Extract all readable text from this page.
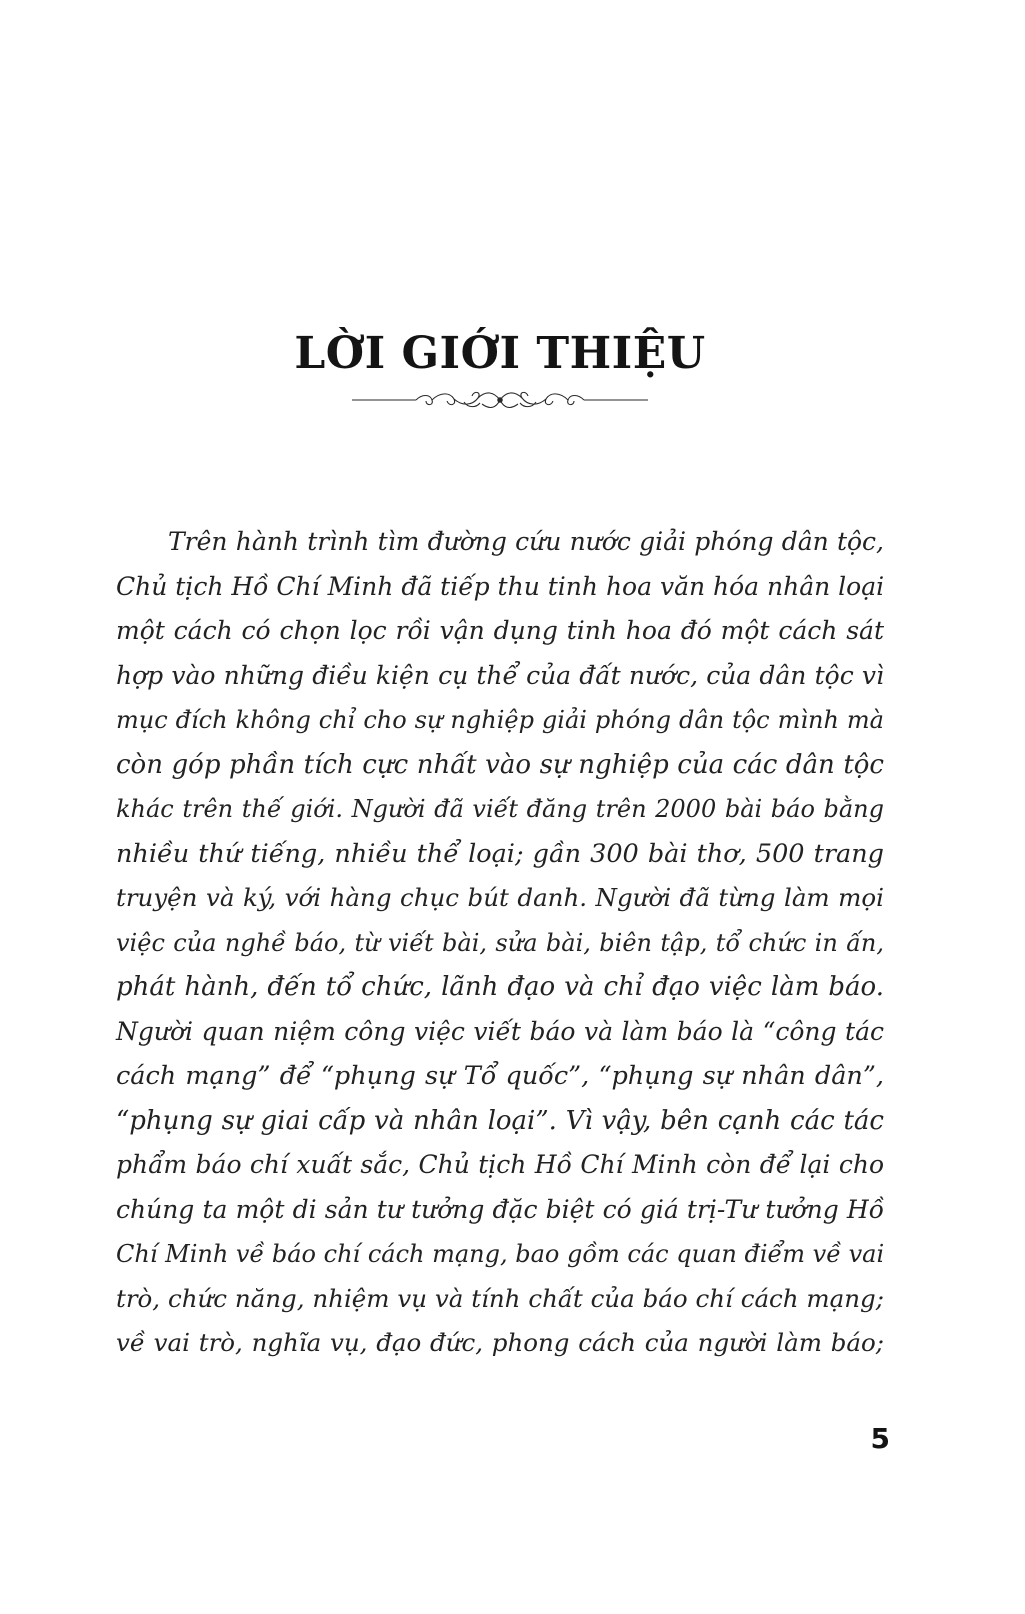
LỜI GIỚI THIỆU
Trên hành trình tìm đường cứu nước giải phóng dân tộc,
Chủ tịch Hồ Chí Minh đã tiếp thu tinh hoa văn hóa nhân loại
một cách có chọn lọc rồi vận dụng tinh hoa đó một cách sát
hợp vào những điều kiện cụ thể của đất nước, của dân tộc vì
mục đích không chỉ cho sự nghiệp giải phóng dân tộc mình mà
còn góp phần tích cực nhất vào sự nghiệp của các dân tộc
khác trên thế giới. Người đã viết đăng trên 2000 bài báo bằng
nhiều thứ tiếng, nhiều thể loại; gần 300 bài thơ, 500 trang
truyện và ký, với hàng chục bút danh. Người đã từng làm mọi
việc của nghề báo, từ viết bài, sửa bài, biên tập, tổ chức in ấn,
phát hành, đến tổ chức, lãnh đạo và chỉ đạo việc làm báo.
Người quan niệm công việc viết báo và làm báo là “công tác
cách mạng” để “phụng sự Tổ quốc”, “phụng sự nhân dân”,
“phụng sự giai cấp và nhân loại”. Vì vậy, bên cạnh các tác
phẩm báo chí xuất sắc, Chủ tịch Hồ Chí Minh còn để lại cho
chúng ta một di sản tư tưởng đặc biệt có giá trị-Tư tưởng Hồ
Chí Minh về báo chí cách mạng, bao gồm các quan điểm về vai
trò, chức năng, nhiệm vụ và tính chất của báo chí cách mạng;
về vai trò, nghĩa vụ, đạo đức, phong cách của người làm báo;
5
